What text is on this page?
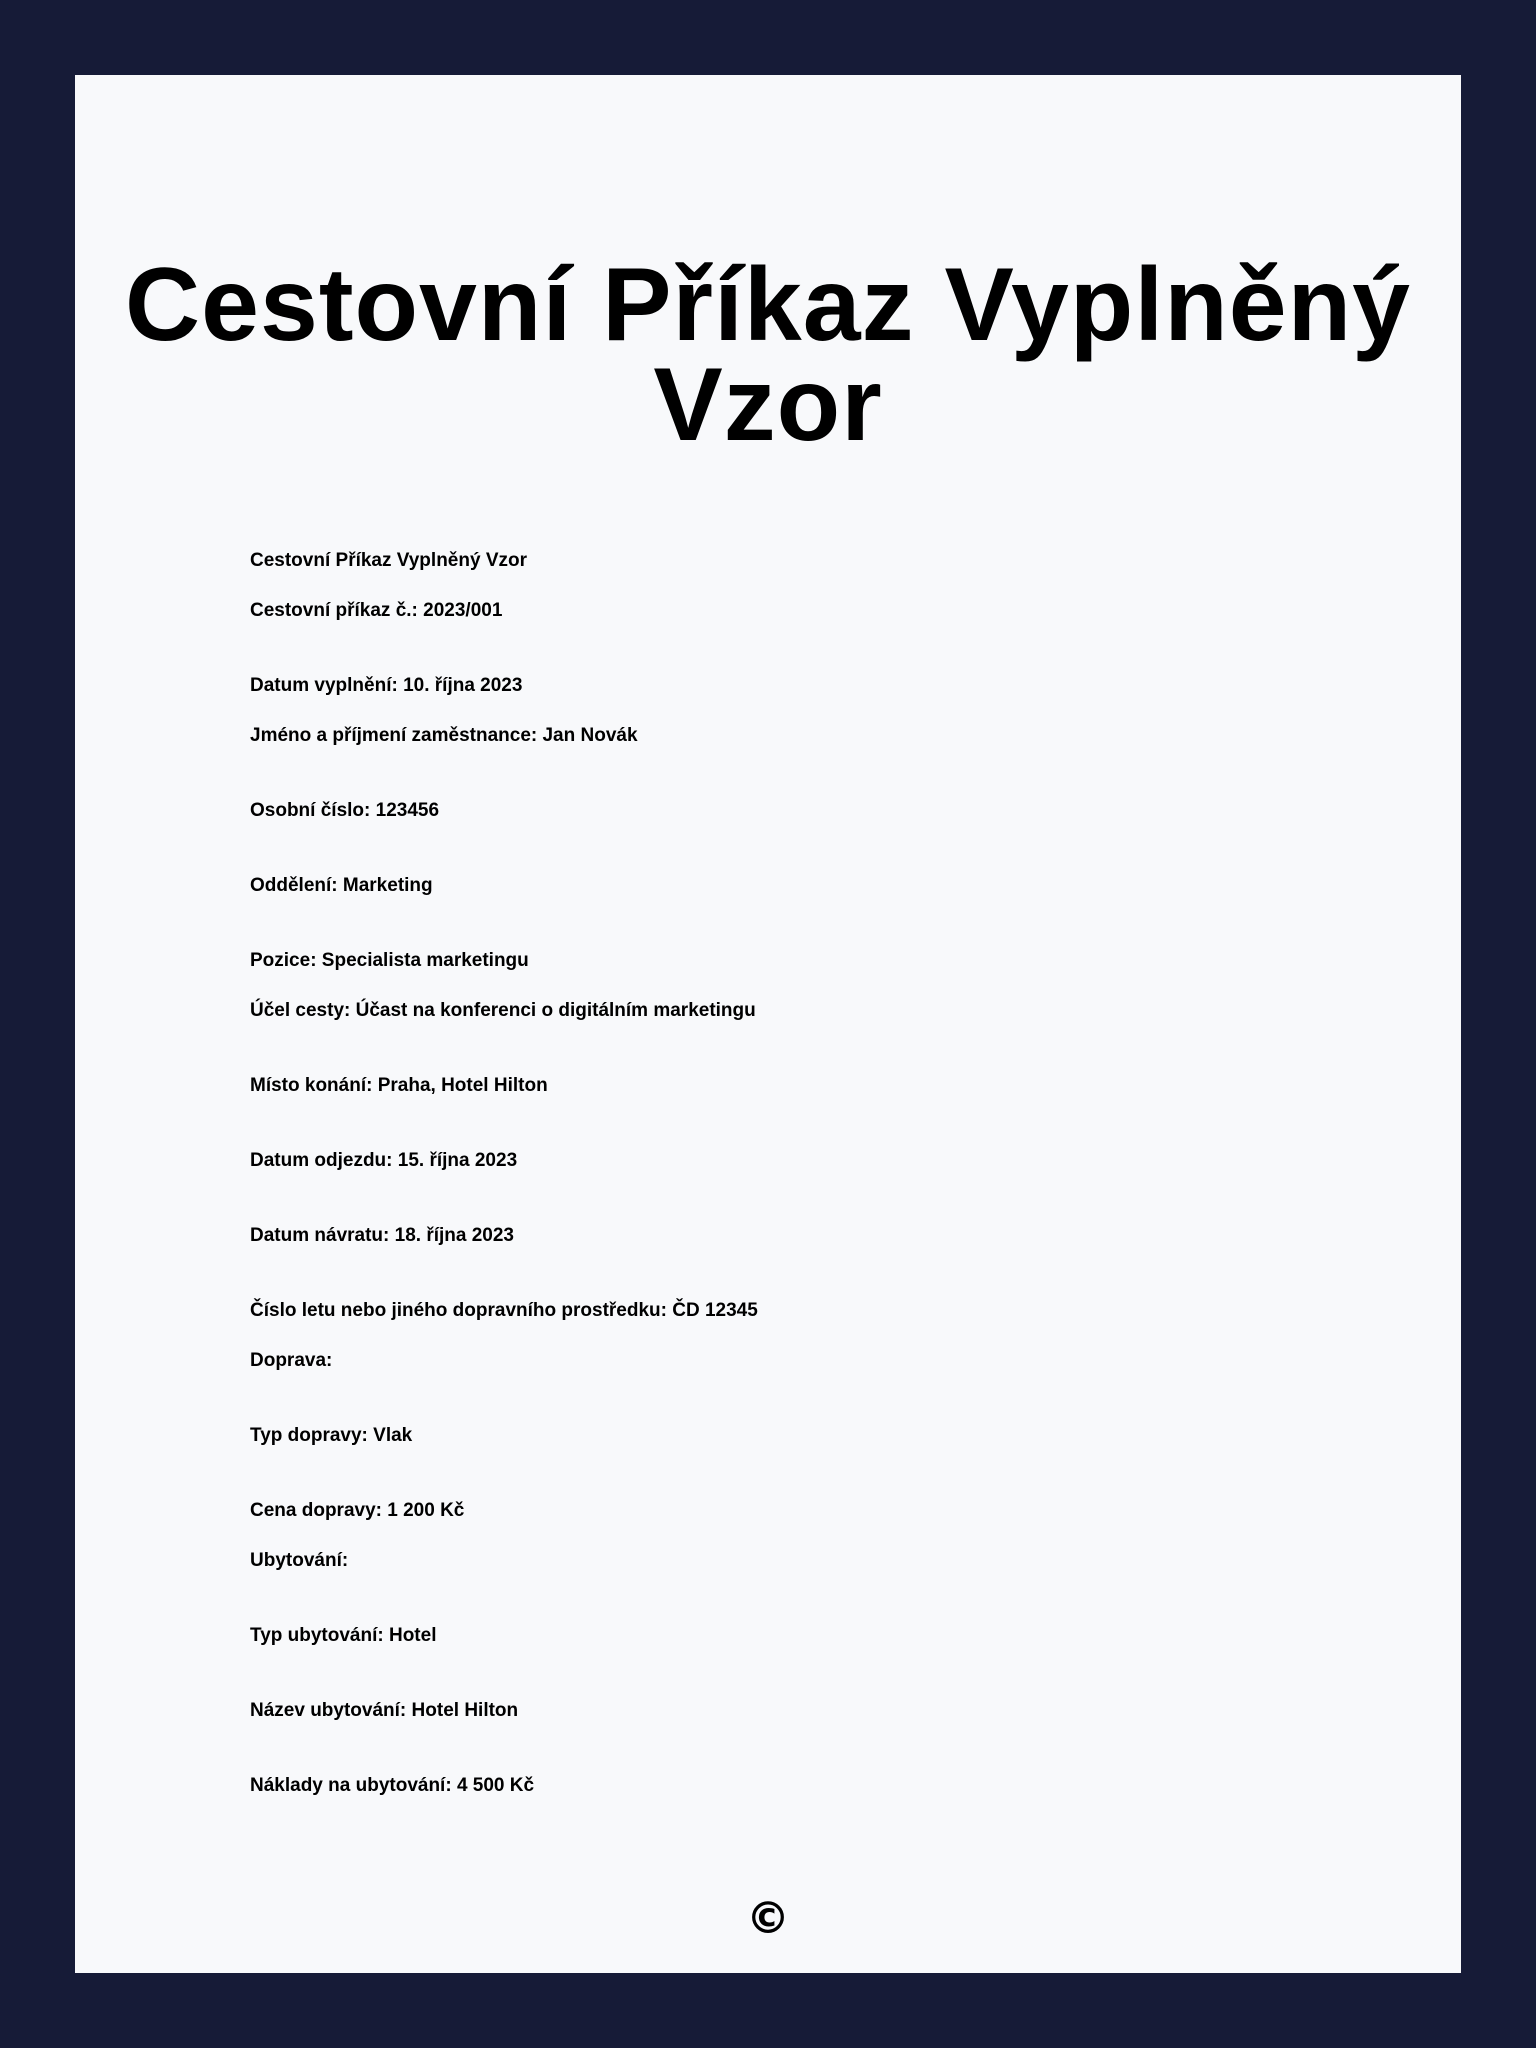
Cestovní Příkaz Vyplněný Vzor
Cestovní Příkaz Vyplněný Vzor
Cestovní příkaz č.: 2023/001
Datum vyplnění: 10. října 2023
Jméno a příjmení zaměstnance: Jan Novák
Osobní číslo: 123456
Oddělení: Marketing
Pozice: Specialista marketingu
Účel cesty: Účast na konferenci o digitálním marketingu
Místo konání: Praha, Hotel Hilton
Datum odjezdu: 15. října 2023
Datum návratu: 18. října 2023
Číslo letu nebo jiného dopravního prostředku: ČD 12345
Doprava:
Typ dopravy: Vlak
Cena dopravy: 1 200 Kč
Ubytování:
Typ ubytování: Hotel
Název ubytování: Hotel Hilton
Náklady na ubytování: 4 500 Kč
©
